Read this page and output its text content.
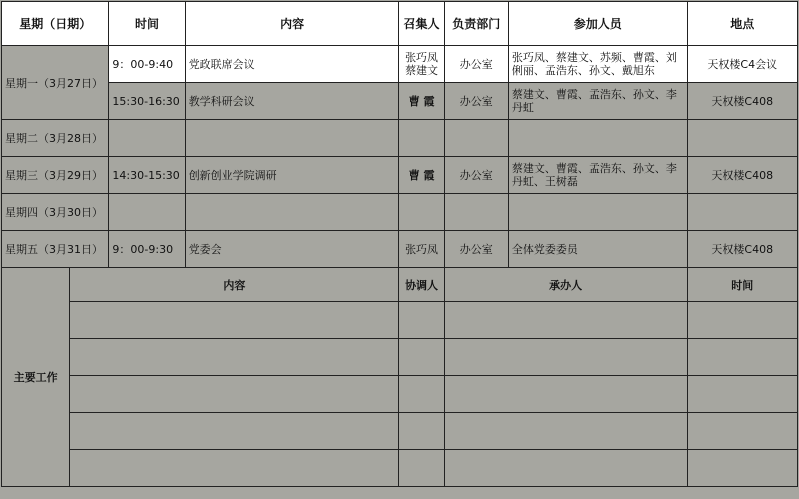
星期（日期）		时间	内容	召集人	负责部门	参加人员	地点
星期一（3月27日）		9：00-9:40	党政联席会议	张巧凤 蔡建文	办公室	张巧凤、蔡建文、苏频、曹霞、刘俐丽、孟浩东、孙文、戴旭东	天权楼C4会议
		15:30-16:30	教学科研会议	曹 霞	办公室	蔡建文、曹霞、孟浩东、孙文、李丹虹	天权楼C408
星期二（3月28日）							
星期三（3月29日）		14:30-15:30	创新创业学院调研	曹 霞	办公室	蔡建文、曹霞、孟浩东、孙文、李丹虹、王树磊	天权楼C408
星期四（3月30日）							
星期五（3月31日）		9：00-9:30	党委会	张巧凤	办公室	全体党委委员	天权楼C408
主要工作	内容			协调人	承办人		时间
